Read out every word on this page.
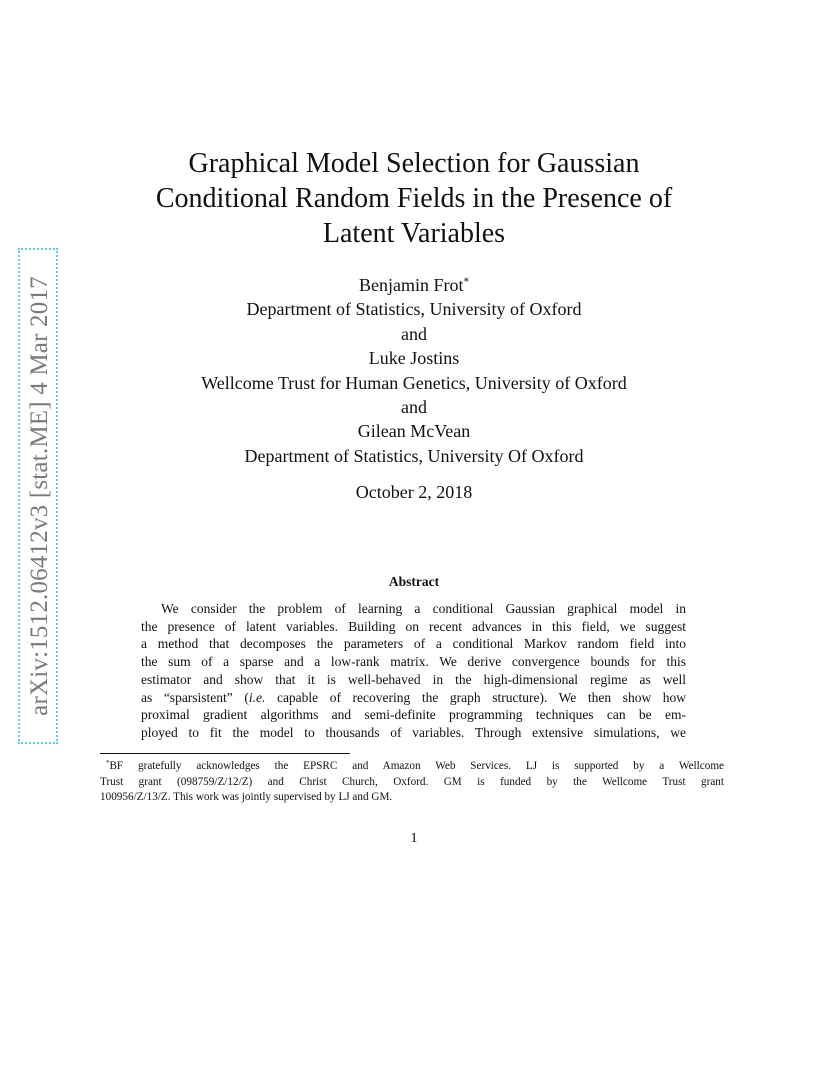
arXiv:1512.06412v3 [stat.ME] 4 Mar 2017
Graphical Model Selection for Gaussian
Conditional Random Fields in the Presence of
Latent Variables
Benjamin Frot*
Department of Statistics, University of Oxford
and
Luke Jostins
Wellcome Trust for Human Genetics, University of Oxford
and
Gilean McVean
Department of Statistics, University Of Oxford
October 2, 2018
Abstract
We consider the problem of learning a conditional Gaussian graphical model in
the presence of latent variables. Building on recent advances in this field, we suggest
a method that decomposes the parameters of a conditional Markov random field into
the sum of a sparse and a low-rank matrix. We derive convergence bounds for this
estimator and show that it is well-behaved in the high-dimensional regime as well
as “sparsistent” (i.e. capable of recovering the graph structure). We then show how
proximal gradient algorithms and semi-definite programming techniques can be em-
ployed to fit the model to thousands of variables. Through extensive simulations, we
*BF gratefully acknowledges the EPSRC and Amazon Web Services. LJ is supported by a Wellcome
Trust grant (098759/Z/12/Z) and Christ Church, Oxford. GM is funded by the Wellcome Trust grant
100956/Z/13/Z. This work was jointly supervised by LJ and GM.
1
